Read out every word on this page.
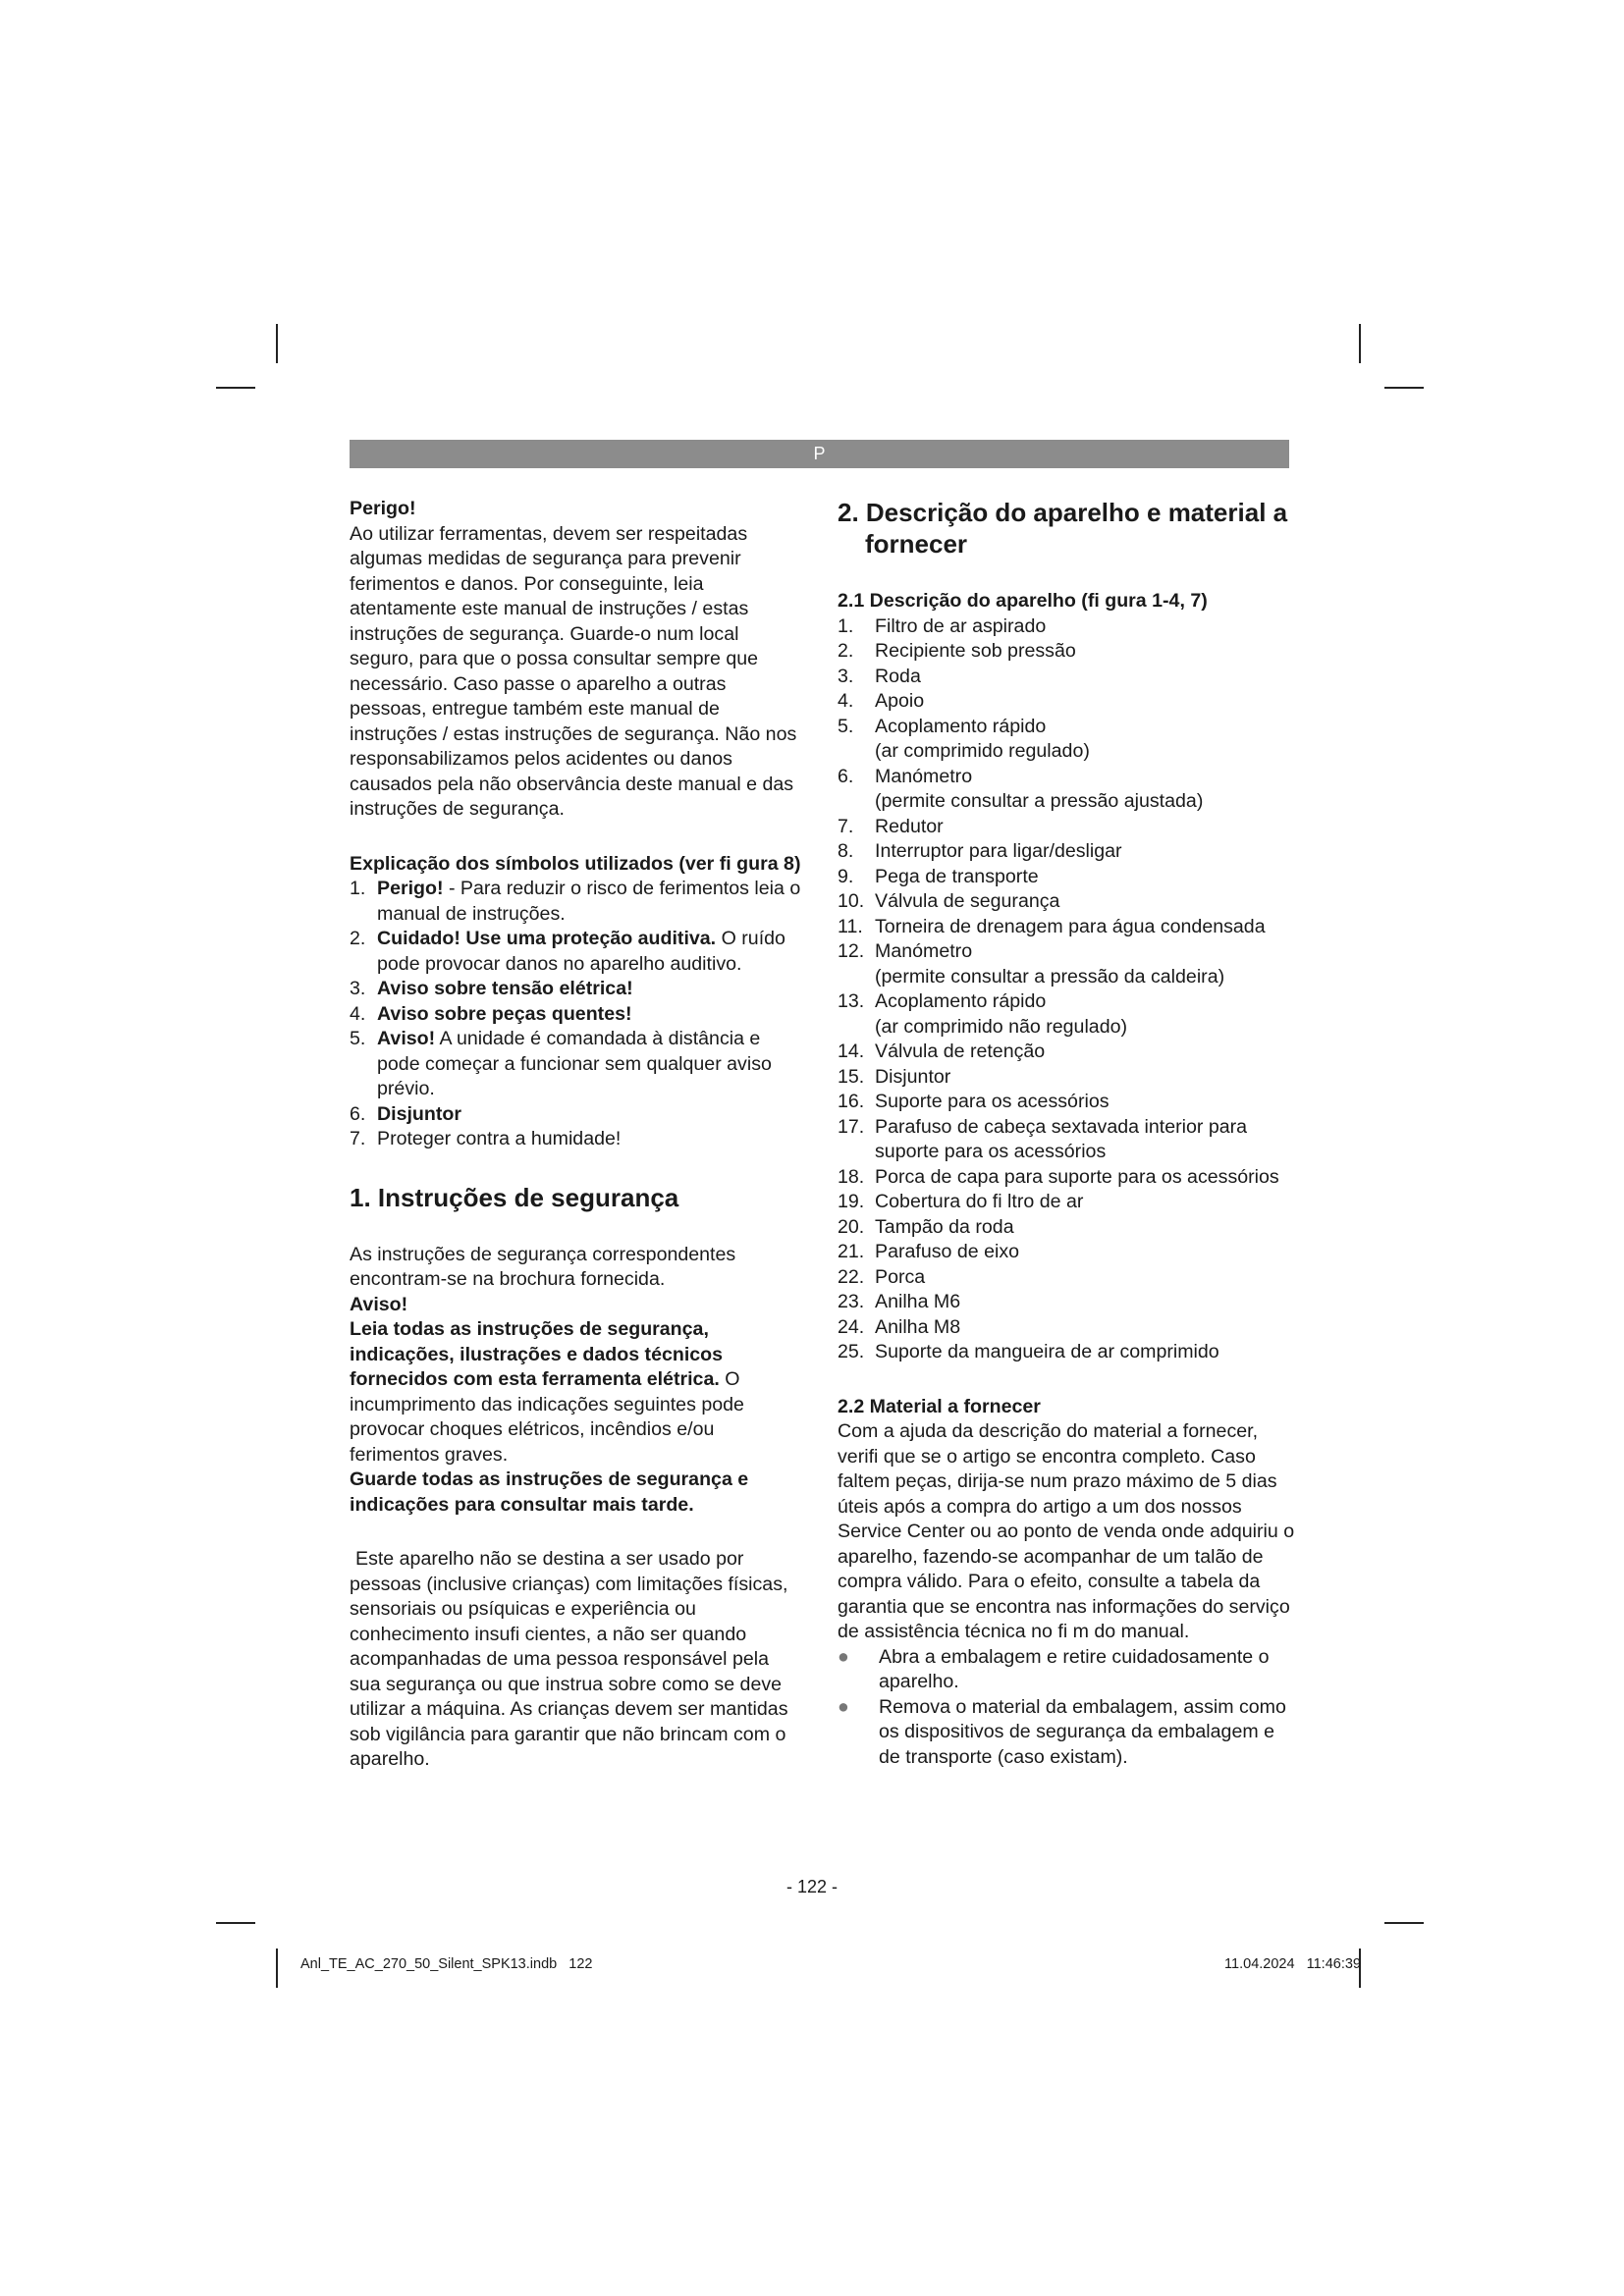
P

Perigo!

Ao utilizar ferramentas, devem ser respeitadas algumas medidas de segurança para prevenir ferimentos e danos. Por conseguinte, leia atentamente este manual de instruções / estas instruções de segurança. Guarde-o num local seguro, para que o possa consultar sempre que necessário. Caso passe o aparelho a outras pessoas, entregue também este manual de instruções / estas instruções de segurança. Não nos responsabilizamos pelos acidentes ou danos causados pela não observância deste manual e das instruções de segurança.

Explicação dos símbolos utilizados (ver fi gura 8)

1. Perigo! - Para reduzir o risco de ferimentos leia o manual de instruções.
2. Cuidado! Use uma proteção auditiva. O ruído pode provocar danos no aparelho auditivo.
3. Aviso sobre tensão elétrica!
4. Aviso sobre peças quentes!
5. Aviso! A unidade é comandada à distância e pode começar a funcionar sem qualquer aviso prévio.
6. Disjuntor
7. Proteger contra a humidade!
1. Instruções de segurança

As instruções de segurança correspondentes encontram-se na brochura fornecida.

Aviso!

Leia todas as instruções de segurança, indicações, ilustrações e dados técnicos fornecidos com esta ferramenta elétrica. O incumprimento das indicações seguintes pode provocar choques elétricos, incêndios e/ou ferimentos graves.

Guarde todas as instruções de segurança e indicações para consultar mais tarde.

Este aparelho não se destina a ser usado por pessoas (inclusive crianças) com limitações físicas, sensoriais ou psíquicas e experiência ou conhecimento insufi cientes, a não ser quando acompanhadas de uma pessoa responsável pela sua segurança ou que instrua sobre como se deve utilizar a máquina. As crianças devem ser mantidas sob vigilância para garantir que não brincam com o aparelho.

2. Descrição do aparelho e material a fornecer

2.1 Descrição do aparelho (fi gura 1-4, 7)

1. Filtro de ar aspirado
2. Recipiente sob pressão
3. Roda
4. Apoio
5. Acoplamento rápido
(ar comprimido regulado)
6. Manómetro
(permite consultar a pressão ajustada)
7. Redutor
8. Interruptor para ligar/desligar
9. Pega de transporte
10. Válvula de segurança
11. Torneira de drenagem para água condensada
12. Manómetro
(permite consultar a pressão da caldeira)
13. Acoplamento rápido
(ar comprimido não regulado)
14. Válvula de retenção
15. Disjuntor
16. Suporte para os acessórios
17. Parafuso de cabeça sextavada interior para suporte para os acessórios
18. Porca de capa para suporte para os acessórios
19. Cobertura do fi ltro de ar
20. Tampão da roda
21. Parafuso de eixo
22. Porca
23. Anilha M6
24. Anilha M8
25. Suporte da mangueira de ar comprimido

2.2 Material a fornecer

Com a ajuda da descrição do material a fornecer, verifi que se o artigo se encontra completo. Caso faltem peças, dirija-se num prazo máximo de 5 dias úteis após a compra do artigo a um dos nossos Service Center ou ao ponto de venda onde adquiriu o aparelho, fazendo-se acompanhar de um talão de compra válido. Para o efeito, consulte a tabela da garantia que se encontra nas informações do serviço de assistência técnica no fi m do manual.

● Abra a embalagem e retire cuidadosamente o aparelho.
● Remova o material da embalagem, assim como os dispositivos de segurança da embalagem e de transporte (caso existam).
- 122 -
Anl_TE_AC_270_50_Silent_SPK13.indb   122	11.04.2024   11:46:39
